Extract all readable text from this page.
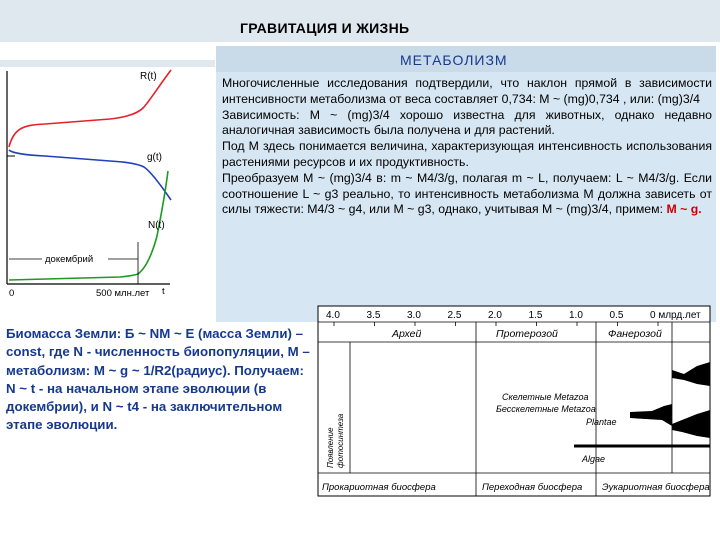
ГРАВИТАЦИЯ И ЖИЗНЬ
R(t)
g(t)
N(t)
докембрий
0	500 млн.лет t
МЕТАБОЛИЗМ

Многочисленные исследования подтвердили, что наклон прямой в зависимости интенсивности метаболизма от веса составляет 0,734: M ~ (mg)0,734 , или: (mg)3/4

Зависимость: M ~ (mg)3/4 хорошо известна для животных, однако недавно аналогичная зависимость была получена и для растений.

Под M здесь понимается величина, характеризующая интенсивность использования растениями ресурсов и их продуктивность.

Преобразуем M ~ (mg)3/4 в: m ~ M4/3/g, полагая m ~ L, получаем: L ~ M4/3/g. Если соотношение L ~ g3 реально, то интенсивность метаболизма M должна зависеть от силы тяжести: M4/3 ~ g4, или M ~ g3, однако, учитывая M ~ (mg)3/4, примем: M ~ g.

Биомасса Земли: Б ~ NM ~ Е (масса Земли) – const, где N - численность биопопуляции, M – метаболизм: M ~ g ~ 1/R2(радиус). Получаем: N ~ t - на начальном этапе эволюции (в докембрии), и N ~ t4 - на заключительном этапе эволюции.

4.0	3.5	3.0	2.5	2.0	1.5	1.0	0.5	0 млрд.лет
Архей	Протерозой	Фанерозой
Появление фотосинтеза
Скелетные Metazoa
Бесскелетные Metazoa
Plantae
Algae
Прокариотная биосфера	Переходная биосфера Эукариотная биосфера
